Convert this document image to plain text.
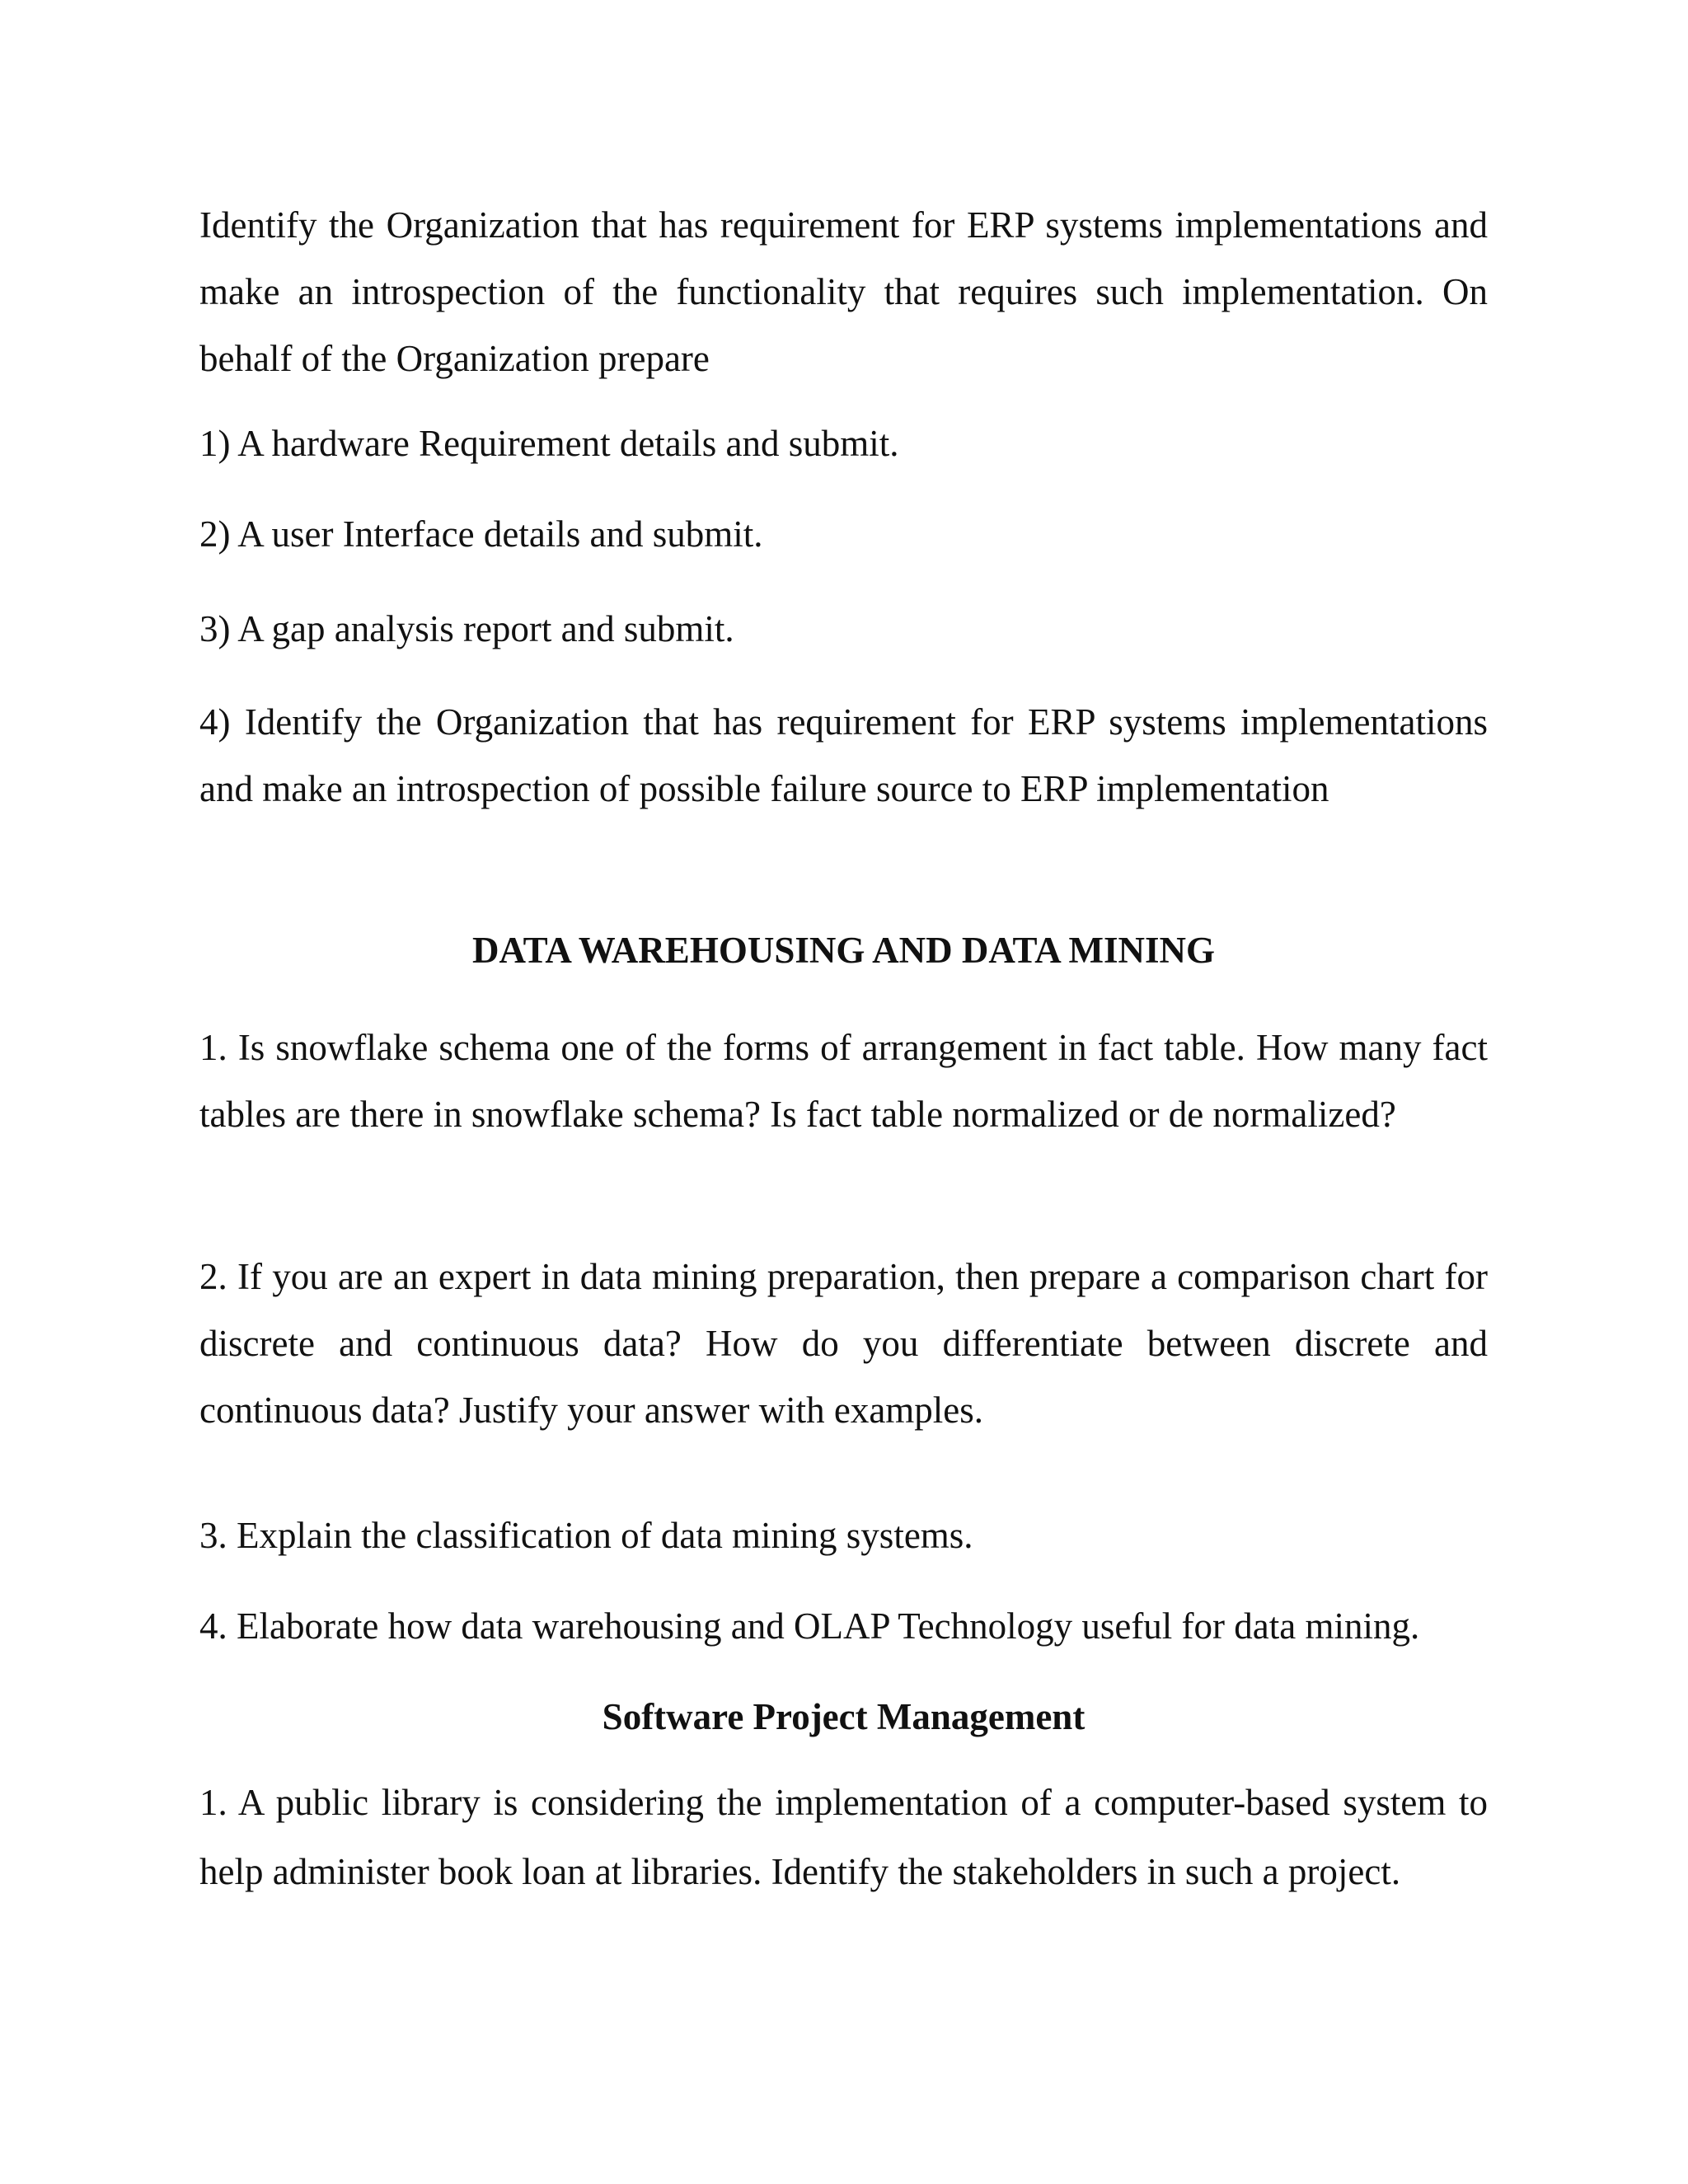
Identify the Organization that has requirement for ERP systems implementations and make an introspection of the functionality that requires such implementation. On behalf of the Organization prepare

1) A hardware Requirement details and submit.

2) A user Interface details and submit.

3) A gap analysis report and submit.

4) Identify the Organization that has requirement for ERP systems implementations and make an introspection of possible failure source to ERP implementation

DATA WAREHOUSING AND DATA MINING

1. Is snowflake schema one of the forms of arrangement in fact table. How many fact tables are there in snowflake schema? Is fact table normalized or de normalized?

2. If you are an expert in data mining preparation, then prepare a comparison chart for discrete and continuous data? How do you differentiate between discrete and continuous data? Justify your answer with examples.

3. Explain the classification of data mining systems.

4. Elaborate how data warehousing and OLAP Technology useful for data mining.

Software Project Management

1. A public library is considering the implementation of a computer-based system to help administer book loan at libraries. Identify the stakeholders in such a project.
